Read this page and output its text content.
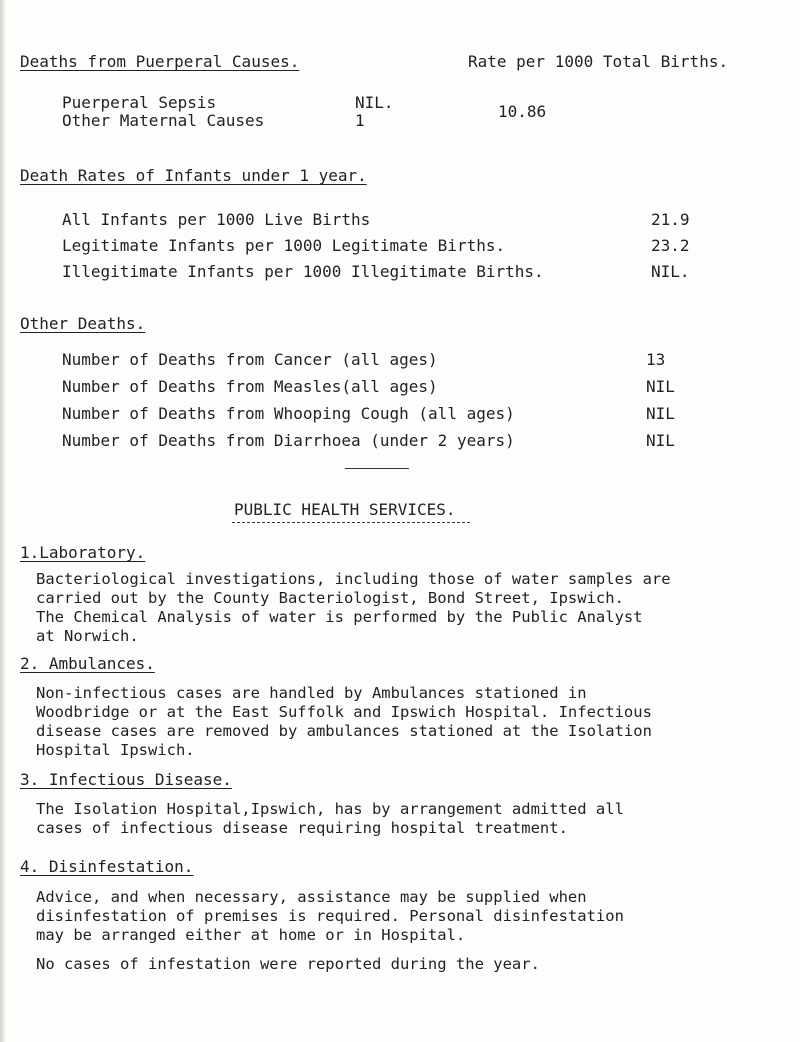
Deaths from Puerperal Causes.	Rate per 1000 Total Births.
Puerperal Sepsis	NIL.
Other Maternal Causes	1	10.86
Death Rates of Infants under 1 year.
All Infants per 1000 Live Births	21.9
Legitimate Infants per 1000 Legitimate Births.	23.2
Illegitimate Infants per 1000 Illegitimate Births.	NIL.
Other Deaths.
Number of Deaths from Cancer (all ages)	13
Number of Deaths from Measles(all ages)	NIL
Number of Deaths from Whooping Cough (all ages)	NIL
Number of Deaths from Diarrhoea (under 2 years)	NIL
PUBLIC HEALTH SERVICES.
1.Laboratory.
Bacteriological investigations, including those of water samples are
carried out by the County Bacteriologist, Bond Street, Ipswich.
The Chemical Analysis of water is performed by the Public Analyst
at Norwich.
2. Ambulances.
Non-infectious cases are handled by Ambulances stationed in
Woodbridge or at the East Suffolk and Ipswich Hospital. Infectious
disease cases are removed by ambulances stationed at the Isolation
Hospital Ipswich.
3. Infectious Disease.
The Isolation Hospital,Ipswich, has by arrangement admitted all
cases of infectious disease requiring hospital treatment.
4. Disinfestation.
Advice, and when necessary, assistance may be supplied when
disinfestation of premises is required. Personal disinfestation
may be arranged either at home or in Hospital.
No cases of infestation were reported during the year.
